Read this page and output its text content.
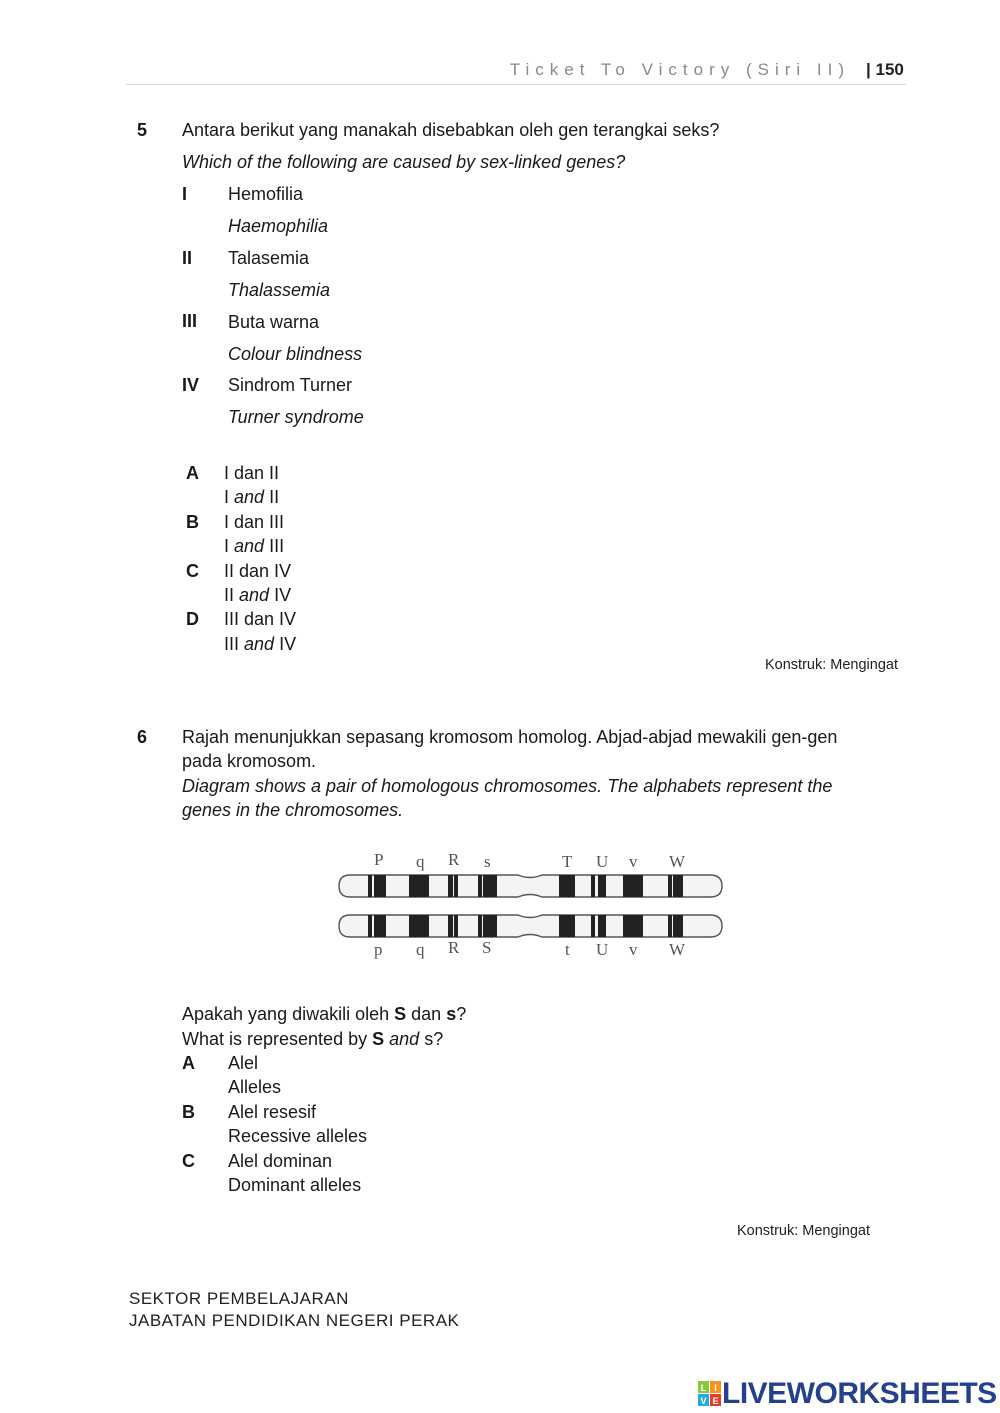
Ticket To Victory (Siri II) | 150
5 Antara berikut yang manakah disebabkan oleh gen terangkai seks?
Which of the following are caused by sex-linked genes?
I Hemofilia
Haemophilia
II Talasemia
Thalassemia
III Buta warna
Colour blindness
IV Sindrom Turner
Turner syndrome
A I dan II
I and II
B I dan III
I and III
C II dan IV
II and IV
D III dan IV
III and IV
Konstruk: Mengingat
6 Rajah menunjukkan sepasang kromosom homolog. Abjad-abjad mewakili gen-gen
pada kromosom.
Diagram shows a pair of homologous chromosomes. The alphabets represent the
genes in the chromosomes.
P q R s	T U v W
p q R S	t U v W
Apakah yang diwakili oleh S dan s?
What is represented by S and s?
A Alel
Alleles
B Alel resesif
Recessive alleles
C Alel dominan
Dominant alleles
Konstruk: Mengingat
SEKTOR PEMBELAJARAN
JABATAN PENDIDIKAN NEGERI PERAK
L I
V E LIVEWORKSHEETS
